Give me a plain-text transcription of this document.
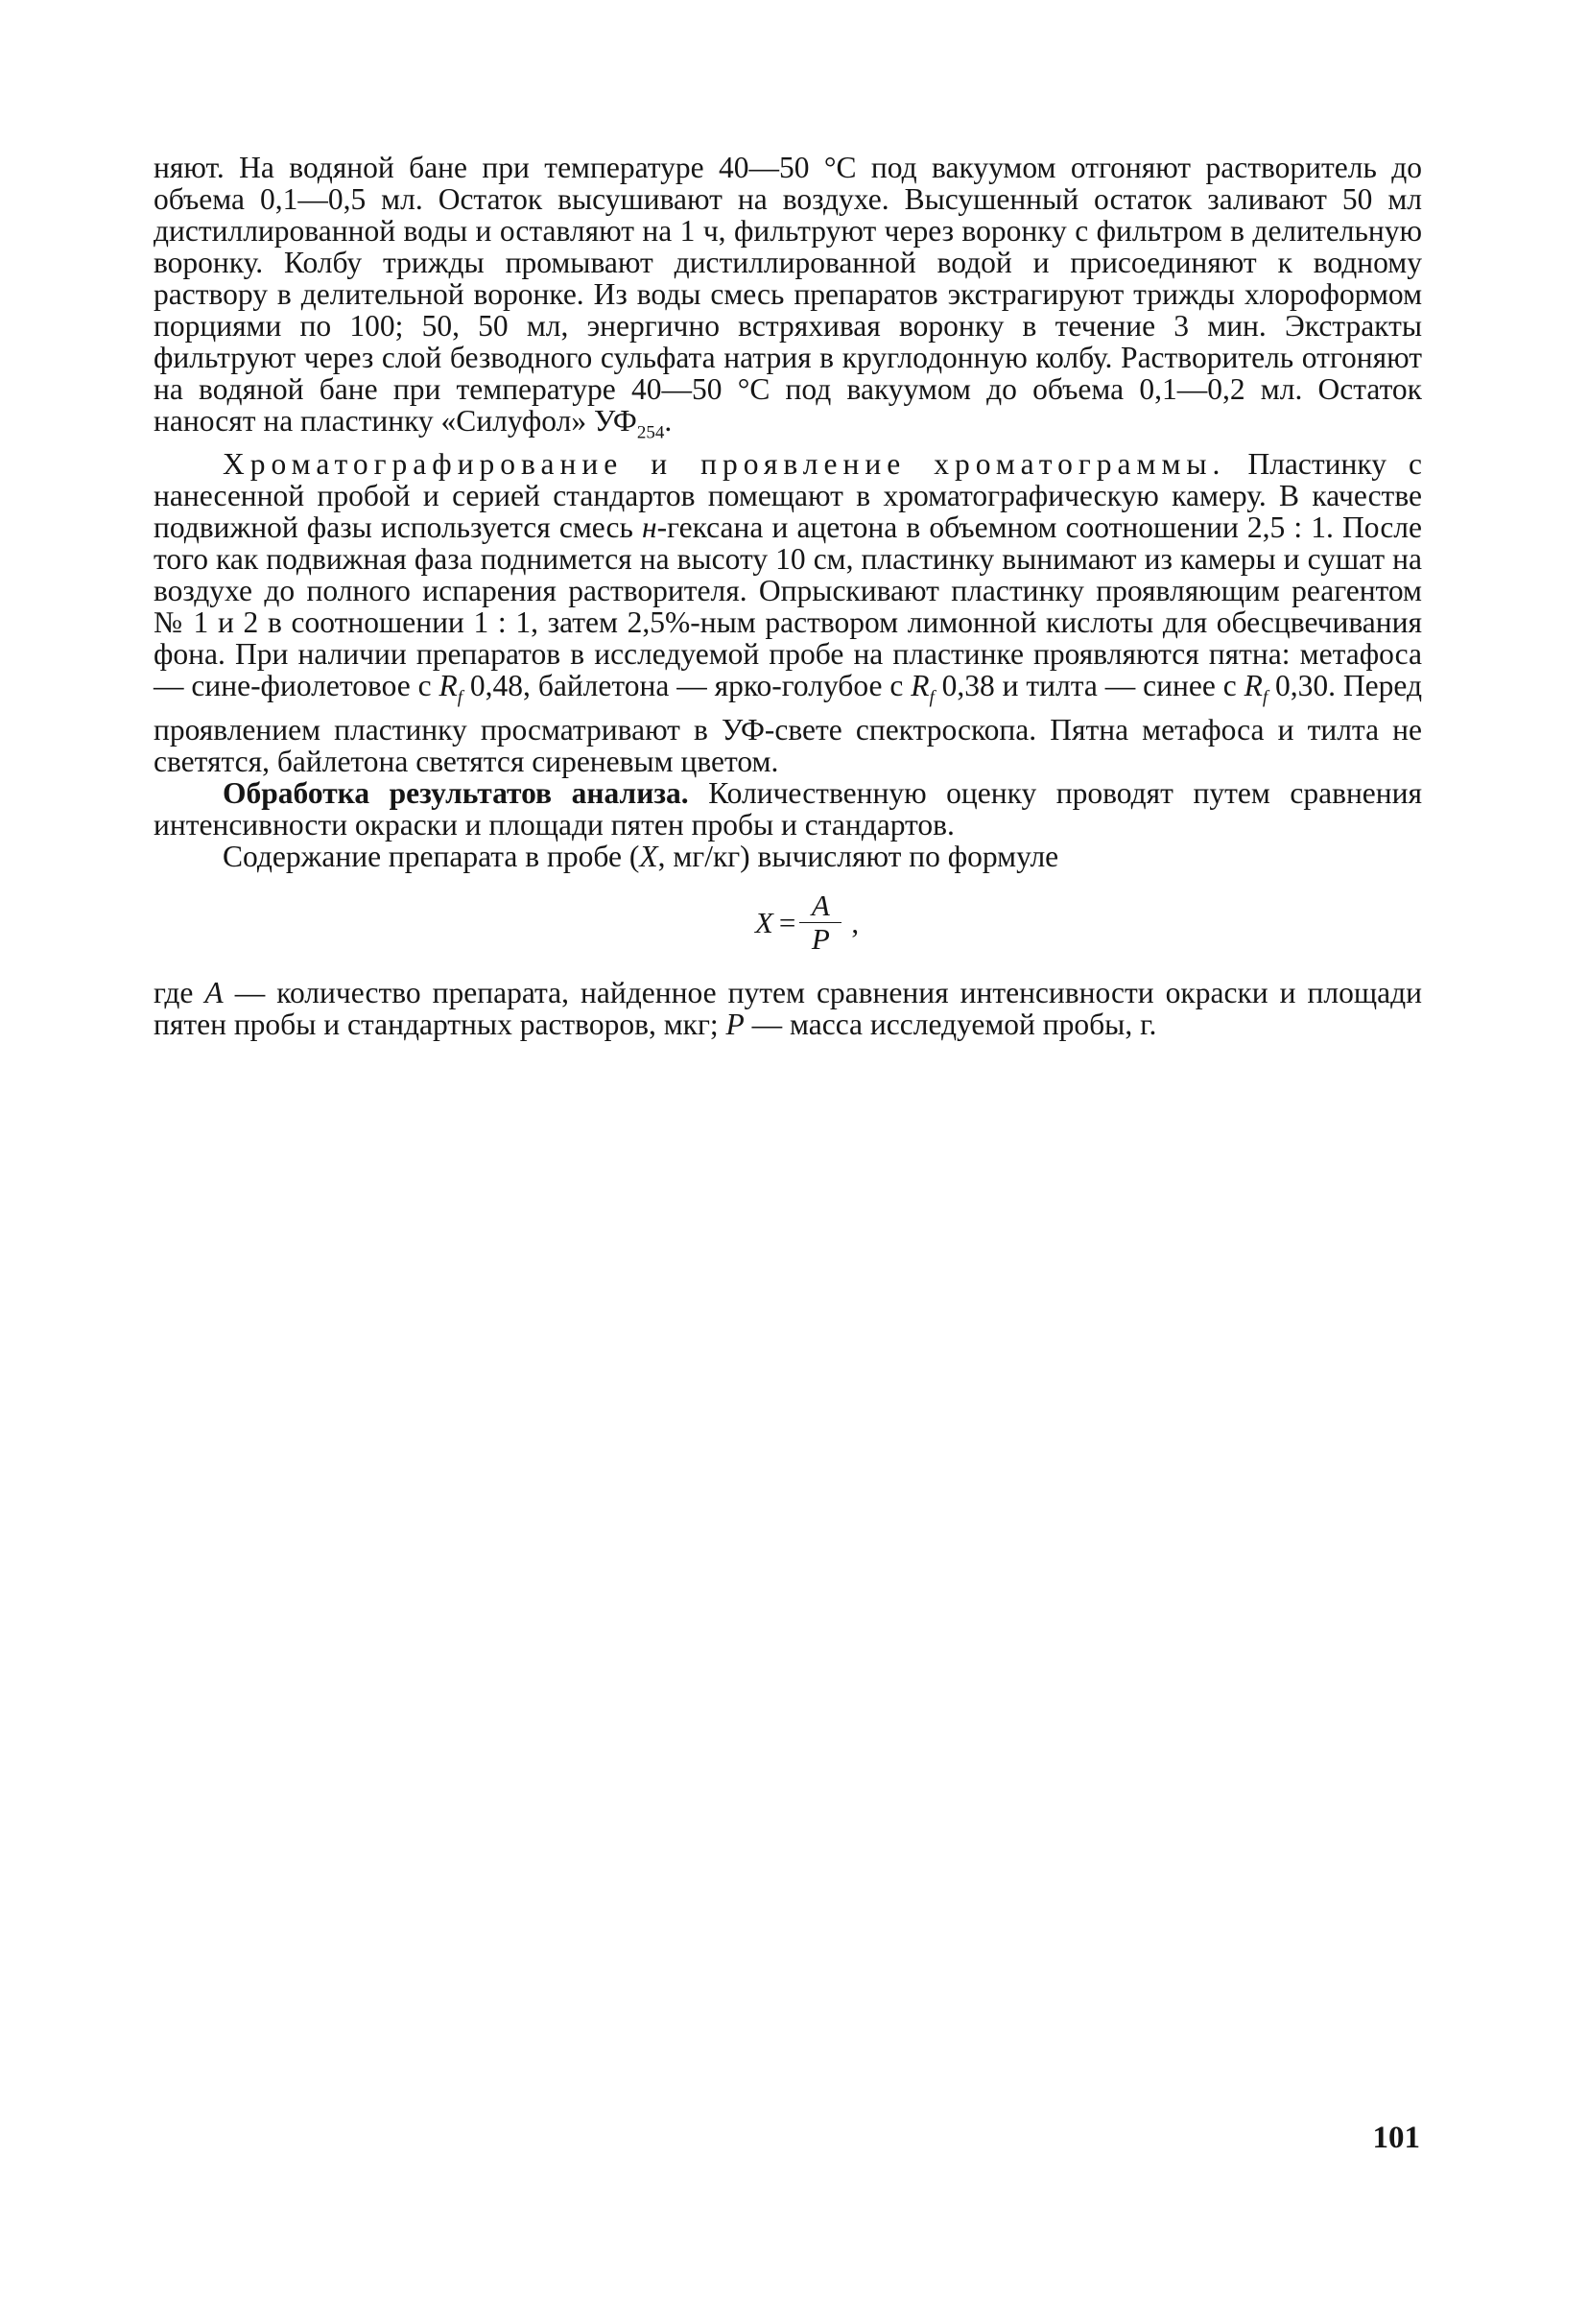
няют. На водяной бане при температуре 40—50 °С под вакуумом отгоняют растворитель до объема 0,1—0,5 мл. Остаток высушивают на воздухе. Высушенный остаток заливают 50 мл дистиллированной воды и оставляют на 1 ч, фильтруют через воронку с фильтром в делительную воронку. Колбу трижды промывают дистиллированной водой и присоединяют к водному раствору в делительной воронке. Из воды смесь препаратов экстрагируют трижды хлороформом порциями по 100; 50, 50 мл, энергично встряхивая воронку в течение 3 мин. Экстракты фильтруют через слой безводного сульфата натрия в круглодонную колбу. Растворитель отгоняют на водяной бане при температуре 40—50 °С под вакуумом до объема 0,1—0,2 мл. Остаток наносят на пластинку «Силуфол» $УФ_{254}$.

Хроматографирование и проявление хроматограммы. Пластинку с нанесенной пробой и серией стандартов помещают в хроматографическую камеру. В качестве подвижной фазы используется смесь н-гексана и ацетона в объемном соотношении 2,5 : 1. После того как подвижная фаза поднимется на высоту 10 см, пластинку вынимают из камеры и сушат на воздухе до полного испарения растворителя. Опрыскивают пластинку проявляющим реагентом № 1 и 2 в соотношении 1 : 1, затем 2,5%-ным раствором лимонной кислоты для обесцвечивания фона. При наличии препаратов в исследуемой пробе на пластинке проявляются пятна: метафоса — сине-фиолетовое с $R_f$ 0,48, байлетона — ярко-голубое с $R_f$ 0,38 и тилта — синее с $R_f$ 0,30. Перед проявлением пластинку просматривают в УФ-свете спектроскопа. Пятна метафоса и тилта не светятся, байлетона светятся сиреневым цветом.

Обработка результатов анализа. Количественную оценку проводят путем сравнения интенсивности окраски и площади пятен пробы и стандартов.

Содержание препарата в пробе (X, мг/кг) вычисляют по формуле

$X = \frac{A}{P}$ ,

где A — количество препарата, найденное путем сравнения интенсивности окраски и площади пятен пробы и стандартных растворов, мкг; P — масса исследуемой пробы, г.

101
